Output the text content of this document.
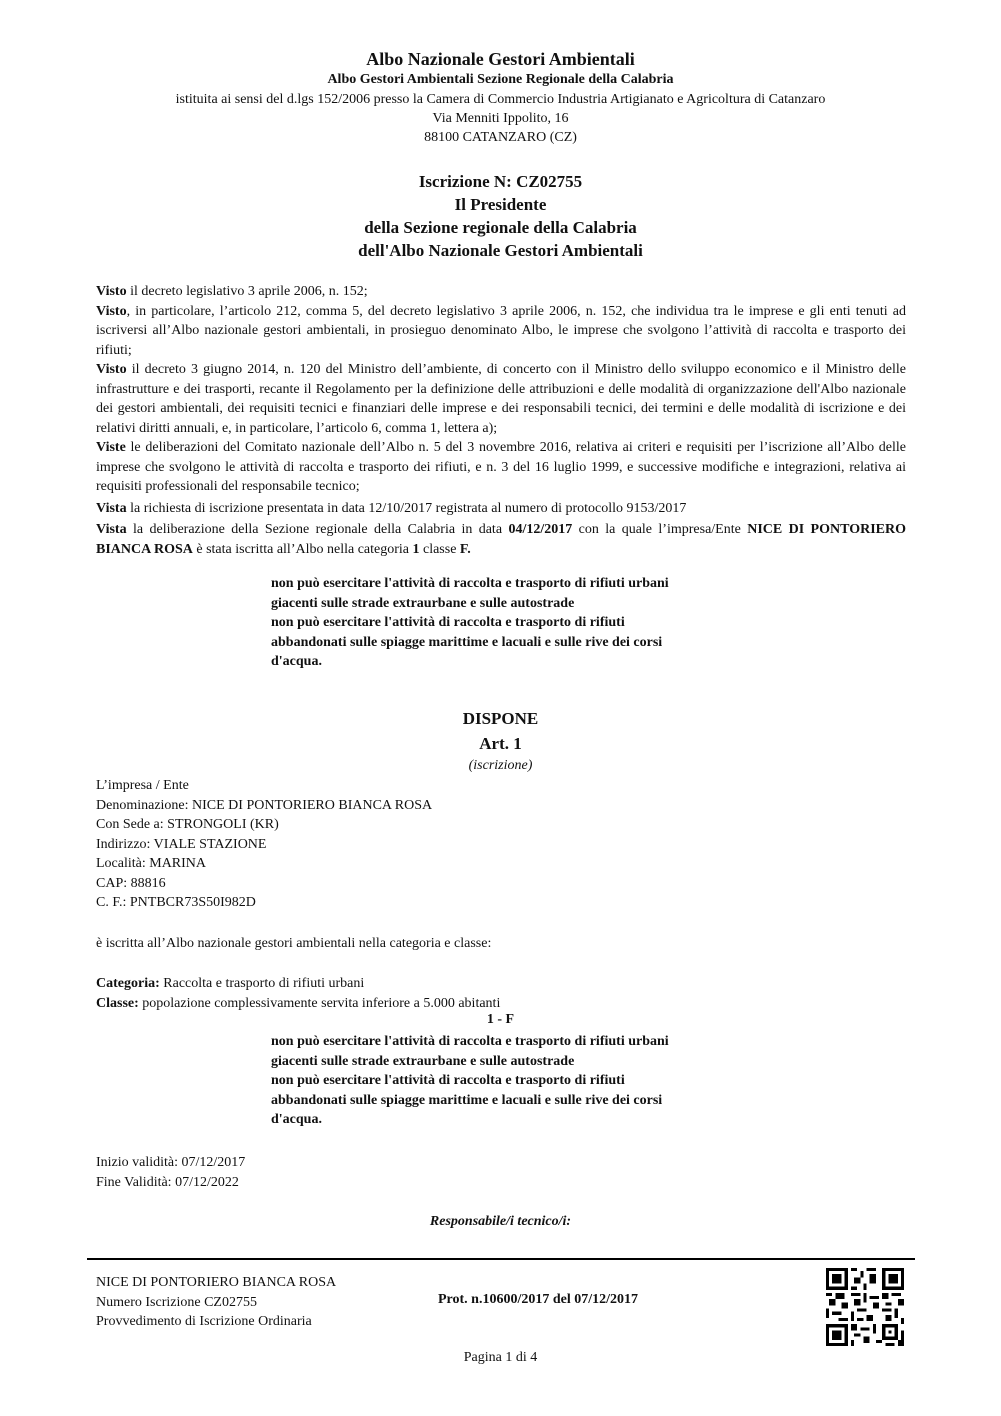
Albo Nazionale Gestori Ambientali
Albo Gestori Ambientali Sezione Regionale della Calabria
istituita ai sensi del d.lgs 152/2006 presso la Camera di Commercio Industria Artigianato e Agricoltura di Catanzaro
Via Menniti Ippolito, 16
88100 CATANZARO (CZ)
Iscrizione N: CZ02755
Il Presidente
della Sezione regionale della Calabria
dell'Albo Nazionale Gestori Ambientali

Visto il decreto legislativo 3 aprile 2006, n. 152;

Visto, in particolare, l’articolo 212, comma 5, del decreto legislativo 3 aprile 2006, n. 152, che individua tra le imprese e gli enti tenuti ad iscriversi all’Albo nazionale gestori ambientali, in prosieguo denominato Albo, le imprese che svolgono l’attività di raccolta e trasporto dei rifiuti;

Visto il decreto 3 giugno 2014, n. 120 del Ministro dell’ambiente, di concerto con il Ministro dello sviluppo economico e il Ministro delle infrastrutture e dei trasporti, recante il Regolamento per la definizione delle attribuzioni e delle modalità di organizzazione dell'Albo nazionale dei gestori ambientali, dei requisiti tecnici e finanziari delle imprese e dei responsabili tecnici, dei termini e delle modalità di iscrizione e dei relativi diritti annuali, e, in particolare, l’articolo 6, comma 1, lettera a);

Viste le deliberazioni del Comitato nazionale dell’Albo n. 5 del 3 novembre 2016, relativa ai criteri e requisiti per l’iscrizione all’Albo delle imprese che svolgono le attività di raccolta e trasporto dei rifiuti, e n. 3 del 16 luglio 1999, e successive modifiche e integrazioni, relativa ai requisiti professionali del responsabile tecnico;

Vista la richiesta di iscrizione presentata in data 12/10/2017 registrata al numero di protocollo 9153/2017

Vista la deliberazione della Sezione regionale della Calabria in data 04/12/2017 con la quale l’impresa/Ente NICE DI PONTORIERO BIANCA ROSA è stata iscritta all’Albo nella categoria 1 classe F.

non può esercitare l'attività di raccolta e trasporto di rifiuti urbani
giacenti sulle strade extraurbane e sulle autostrade
non può esercitare l'attività di raccolta e trasporto di rifiuti
abbandonati sulle spiagge marittime e lacuali e sulle rive dei corsi
d'acqua.
DISPONE
Art. 1
(iscrizione)
L’impresa / Ente
Denominazione: NICE DI PONTORIERO BIANCA ROSA
Con Sede a: STRONGOLI (KR)
Indirizzo: VIALE STAZIONE
Località: MARINA
CAP: 88816
C. F.: PNTBCR73S50I982D
è iscritta all’Albo nazionale gestori ambientali nella categoria e classe:
Categoria: Raccolta e trasporto di rifiuti urbani
Classe: popolazione complessivamente servita inferiore a 5.000 abitanti
1 - F
non può esercitare l'attività di raccolta e trasporto di rifiuti urbani
giacenti sulle strade extraurbane e sulle autostrade
non può esercitare l'attività di raccolta e trasporto di rifiuti
abbandonati sulle spiagge marittime e lacuali e sulle rive dei corsi
d'acqua.
Inizio validità: 07/12/2017
Fine Validità: 07/12/2022
Responsabile/i tecnico/i:
NICE DI PONTORIERO BIANCA ROSA
Numero Iscrizione CZ02755
Provvedimento di Iscrizione Ordinaria
Prot. n.10600/2017 del 07/12/2017
Pagina 1 di 4
